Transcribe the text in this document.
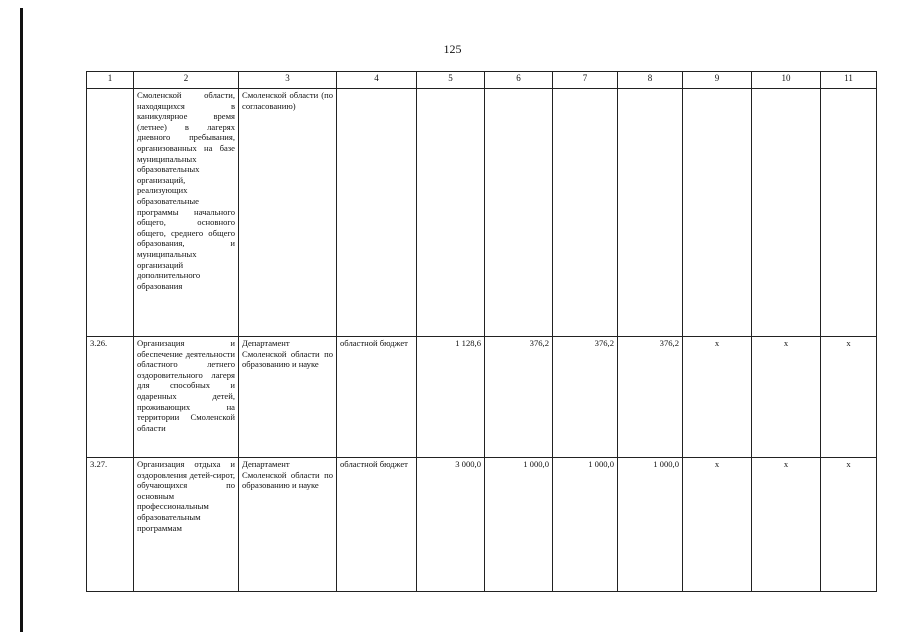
125
1	2	3	4	5	6	7	8	9	10	11
	Смоленской области, находящихся в каникулярное время (летнее) в лагерях дневного пребывания, организованных на базе муниципальных образовательных организаций, реализующих образовательные программы начального общего, основного общего, среднего общего образования, и муниципальных организаций дополнительного образования	Смоленской области (по согласованию)								
3.26.	Организация и обеспечение деятельности областного летнего оздоровительного лагеря для способных и одаренных детей, проживающих на территории Смоленской области	Департамент Смоленской области по образованию и науке	областной бюджет	1 128,6	376,2	376,2	376,2	х	х	х
3.27.	Организация отдыха и оздоровления детей-сирот, обучающихся по основным профессиональным образовательным программам	Департамент Смоленской области по образованию и науке	областной бюджет	3 000,0	1 000,0	1 000,0	1 000,0	х	х	х
